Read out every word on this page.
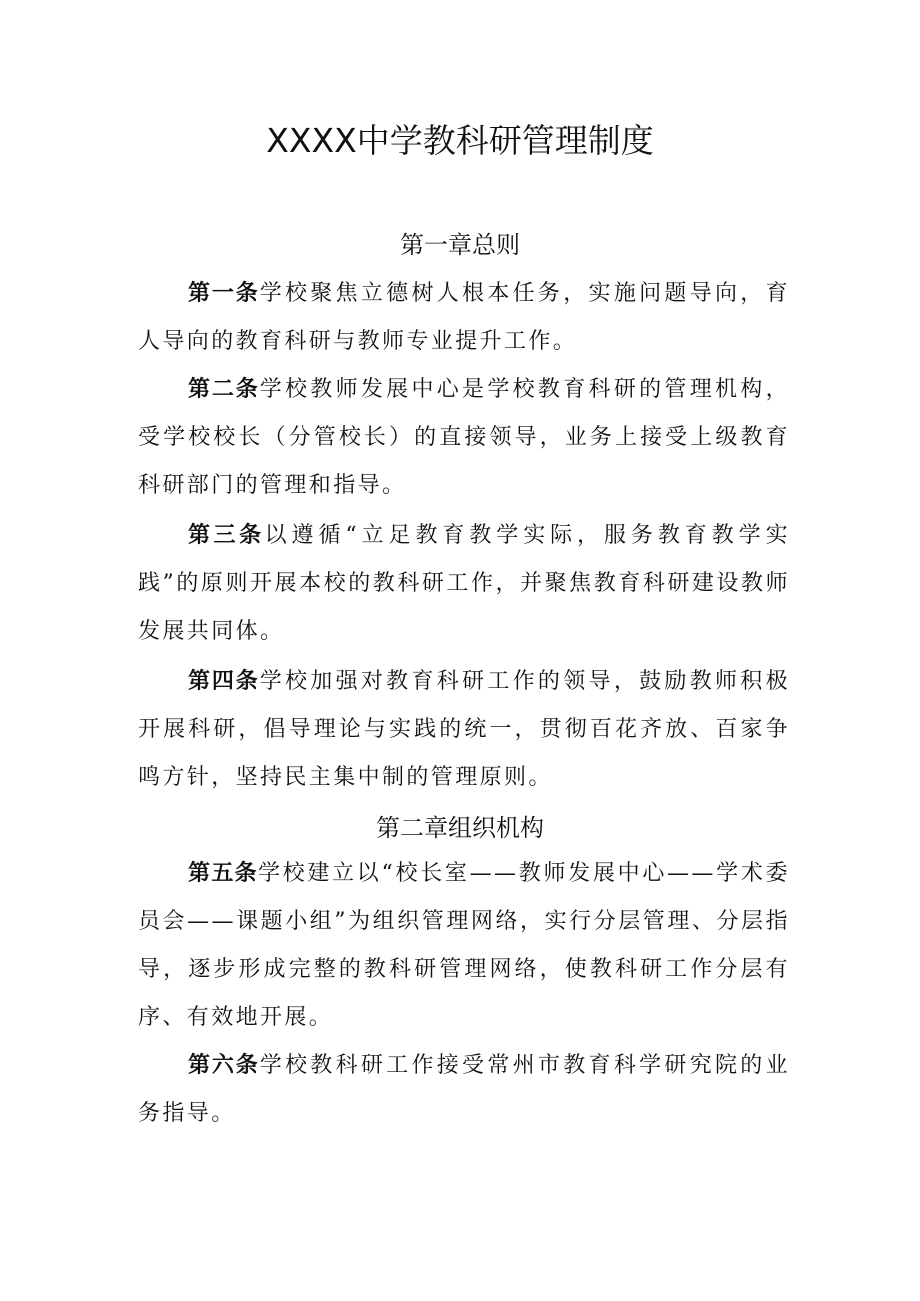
XXXX中学教科研管理制度
第一章总则

第一条学校聚焦立德树人根本任务，实施问题导向，育人导向的教育科研与教师专业提升工作。

第二条学校教师发展中心是学校教育科研的管理机构，受学校校长（分管校长）的直接领导，业务上接受上级教育科研部门的管理和指导。

第三条以遵循“立足教育教学实际，服务教育教学实践”的原则开展本校的教科研工作，并聚焦教育科研建设教师发展共同体。

第四条学校加强对教育科研工作的领导，鼓励教师积极开展科研，倡导理论与实践的统一，贯彻百花齐放、百家争鸣方针，坚持民主集中制的管理原则。

第二章组织机构

第五条学校建立以“校长室——教师发展中心——学术委员会——课题小组”为组织管理网络，实行分层管理、分层指导，逐步形成完整的教科研管理网络，使教科研工作分层有序、有效地开展。

第六条学校教科研工作接受常州市教育科学研究院的业务指导。
